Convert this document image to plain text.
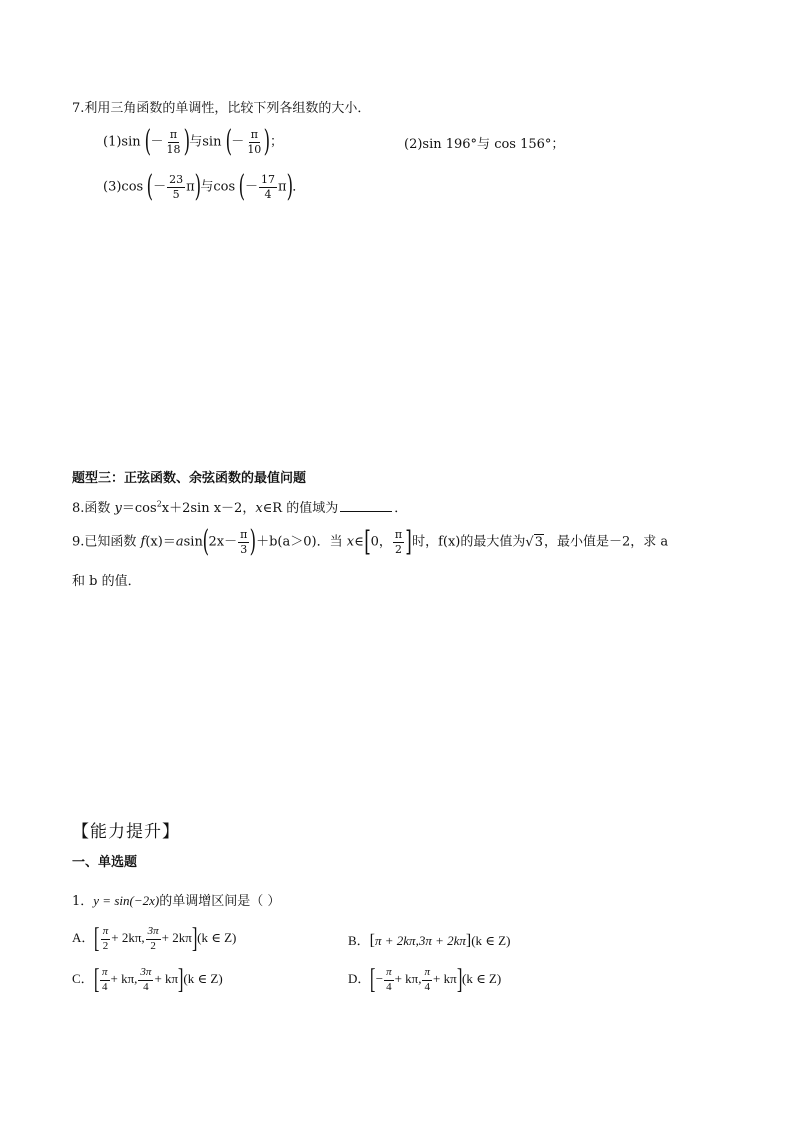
7.利用三角函数的单调性，比较下列各组数的大小．
(1)sin (－ $\frac{\pi}{18}$ )与sin (－ $\frac{\pi}{10}$ )；	(2)sin 196°与 cos 156°；
(3)cos (－ $\frac{23}{5} \pi$)与cos (－ $\frac{17}{4} \pi$)．
题型三：正弦函数、余弦函数的最值问题
8.函数 $y=\cos^2x+2\sin$ x－2，x∈R 的值域为	．
9.已知函数 $f(x)=asin(2x- \frac{\pi}{3} )+b(a>0)$．当 x∈[0， $\frac{\pi}{2}$ ]时，f(x)的最大值为√3，最小值是－2，求 a
和 b 的值．
【能力提升】
一、单选题
1．y = sin(−2x)的单调增区间是（ ）
A．[ $\frac{\pi}{2} + 2k\pi$, $\frac{3\pi}{2} + 2k\pi](k$ ∈ Z)	B．[π + 2kπ,3π + 2kπ](k ∈ Z)
C．[ $\frac{\pi}{4} + k\pi$, $\frac{3\pi}{4} + k\pi](k$ ∈ Z)	D．[− $\frac{\pi}{4} + k\pi$, $\frac{\pi}{4} + k\pi](k$ ∈ Z)
